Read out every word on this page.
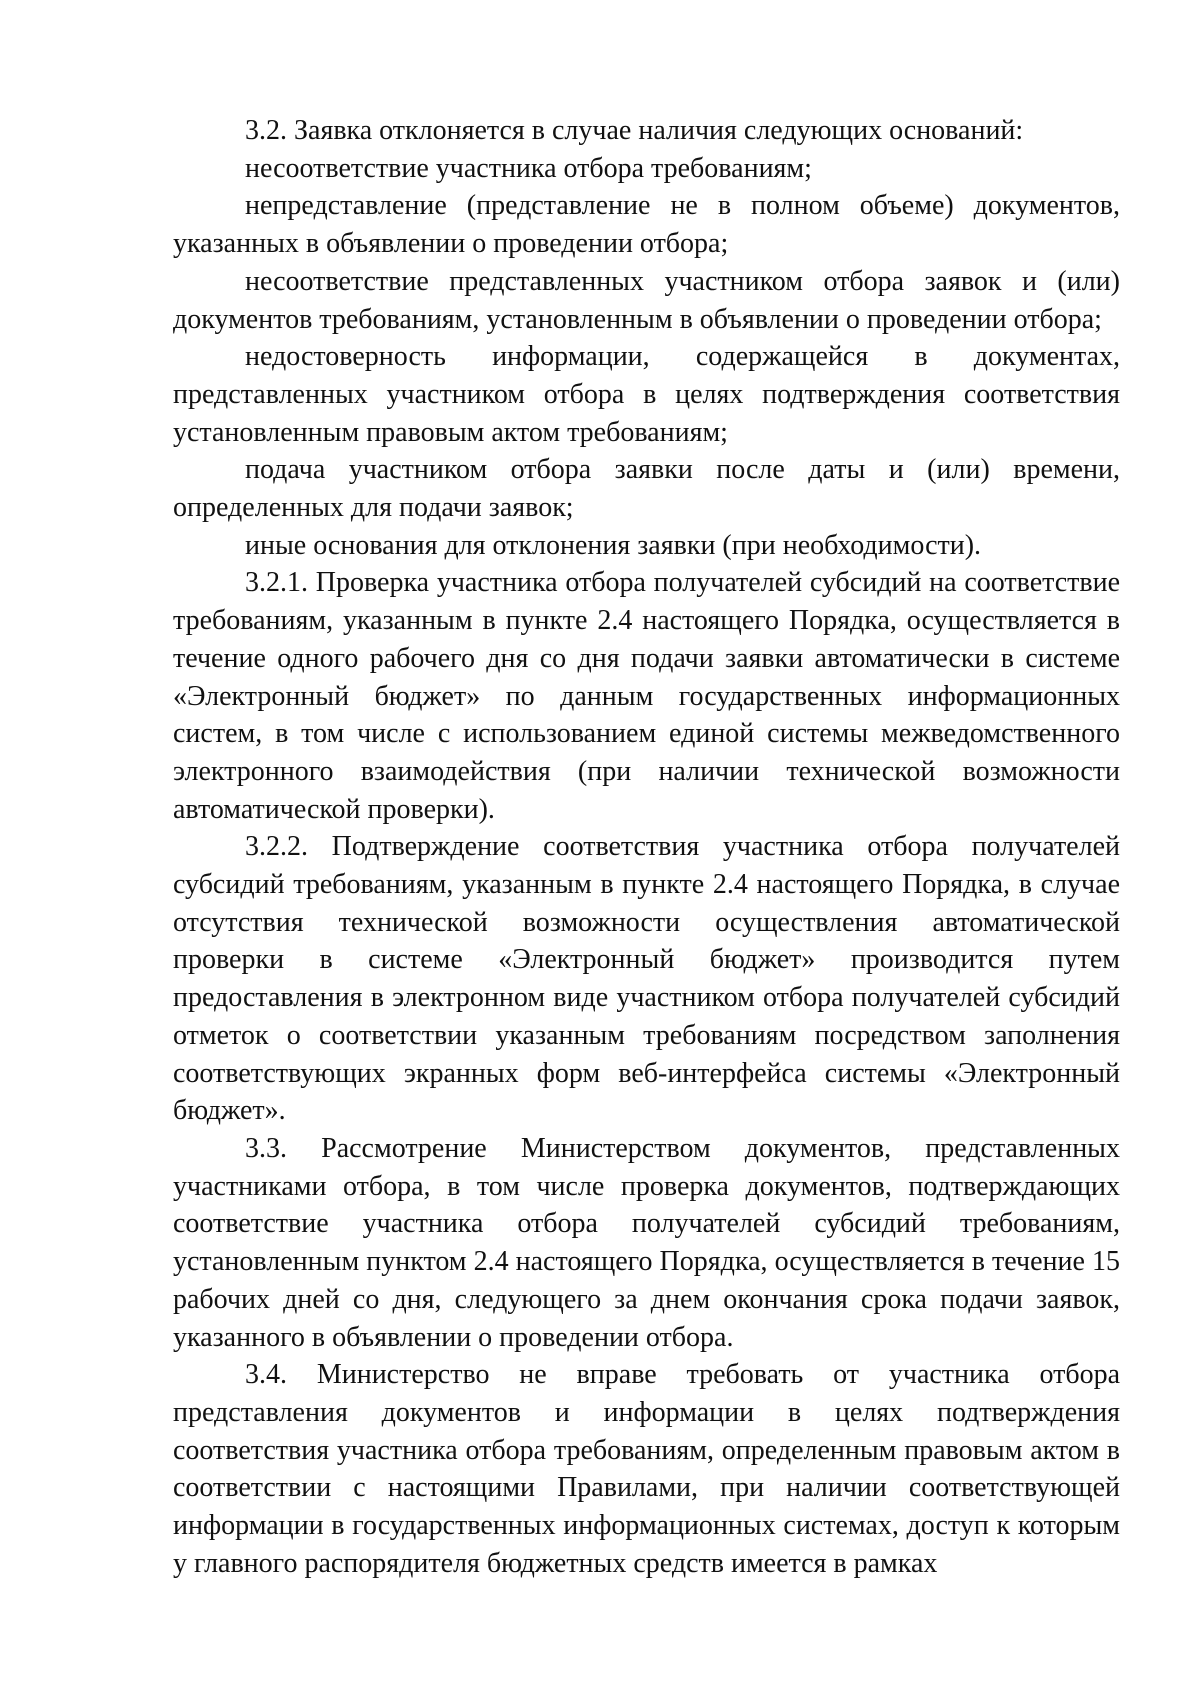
3.2. Заявка отклоняется в случае наличия следующих оснований:

несоответствие участника отбора требованиям;

непредставление (представление не в полном объеме) документов, указанных в объявлении о проведении отбора;

несоответствие представленных участником отбора заявок и (или) документов требованиям, установленным в объявлении о проведении отбора;

недостоверность информации, содержащейся в документах, представленных участником отбора в целях подтверждения соответствия установленным правовым актом требованиям;

подача участником отбора заявки после даты и (или) времени, определенных для подачи заявок;

иные основания для отклонения заявки (при необходимости).

3.2.1. Проверка участника отбора получателей субсидий на соответствие требованиям, указанным в пункте 2.4 настоящего Порядка, осуществляется в течение одного рабочего дня со дня подачи заявки автоматически в системе «Электронный бюджет» по данным государственных информационных систем, в том числе с использованием единой системы межведомственного электронного взаимодействия (при наличии технической возможности автоматической проверки).

3.2.2. Подтверждение соответствия участника отбора получателей субсидий требованиям, указанным в пункте 2.4 настоящего Порядка, в случае отсутствия технической возможности осуществления автоматической проверки в системе «Электронный бюджет» производится путем предоставления в электронном виде участником отбора получателей субсидий отметок о соответствии указанным требованиям посредством заполнения соответствующих экранных форм веб-интерфейса системы «Электронный бюджет».

3.3. Рассмотрение Министерством документов, представленных участниками отбора, в том числе проверка документов, подтверждающих соответствие участника отбора получателей субсидий требованиям, установленным пунктом 2.4 настоящего Порядка, осуществляется в течение 15 рабочих дней со дня, следующего за днем окончания срока подачи заявок, указанного в объявлении о проведении отбора.

3.4. Министерство не вправе требовать от участника отбора представления документов и информации в целях подтверждения соответствия участника отбора требованиям, определенным правовым актом в соответствии с настоящими Правилами, при наличии соответствующей информации в государственных информационных системах, доступ к которым у главного распорядителя бюджетных средств имеется в рамках
